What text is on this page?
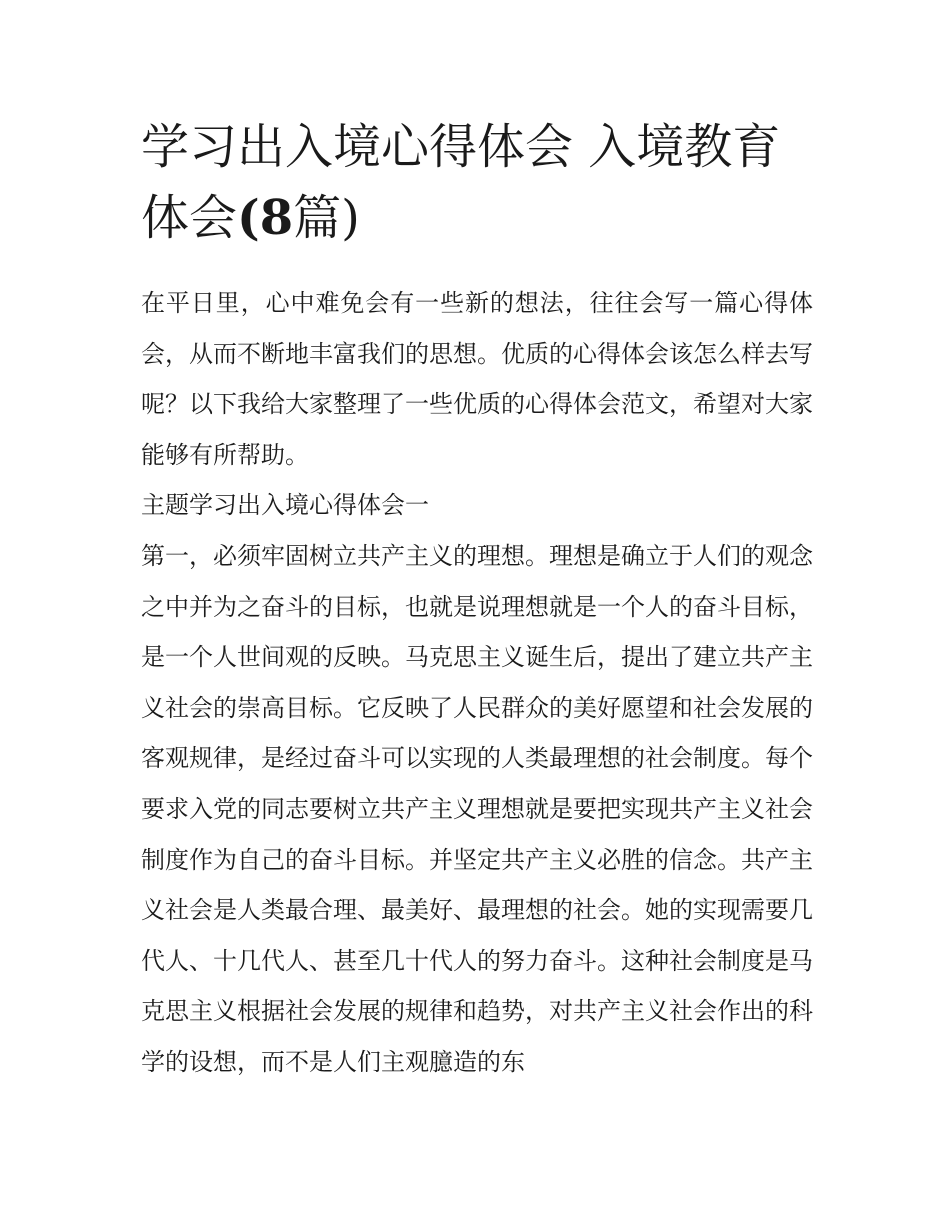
学习出入境心得体会 入境教育体会(8篇)

在平日里，心中难免会有一些新的想法，往往会写一篇心得体会，从而不断地丰富我们的思想。优质的心得体会该怎么样去写呢？以下我给大家整理了一些优质的心得体会范文，希望对大家能够有所帮助。

主题学习出入境心得体会一

第一，必须牢固树立共产主义的理想。理想是确立于人们的观念之中并为之奋斗的目标，也就是说理想就是一个人的奋斗目标，是一个人世间观的反映。马克思主义诞生后，提出了建立共产主义社会的崇高目标。它反映了人民群众的美好愿望和社会发展的客观规律，是经过奋斗可以实现的人类最理想的社会制度。每个要求入党的同志要树立共产主义理想就是要把实现共产主义社会制度作为自己的奋斗目标。并坚定共产主义必胜的信念。共产主义社会是人类最合理、最美好、最理想的社会。她的实现需要几代人、十几代人、甚至几十代人的努力奋斗。这种社会制度是马克思主义根据社会发展的规律和趋势，对共产主义社会作出的科学的设想，而不是人们主观臆造的东
